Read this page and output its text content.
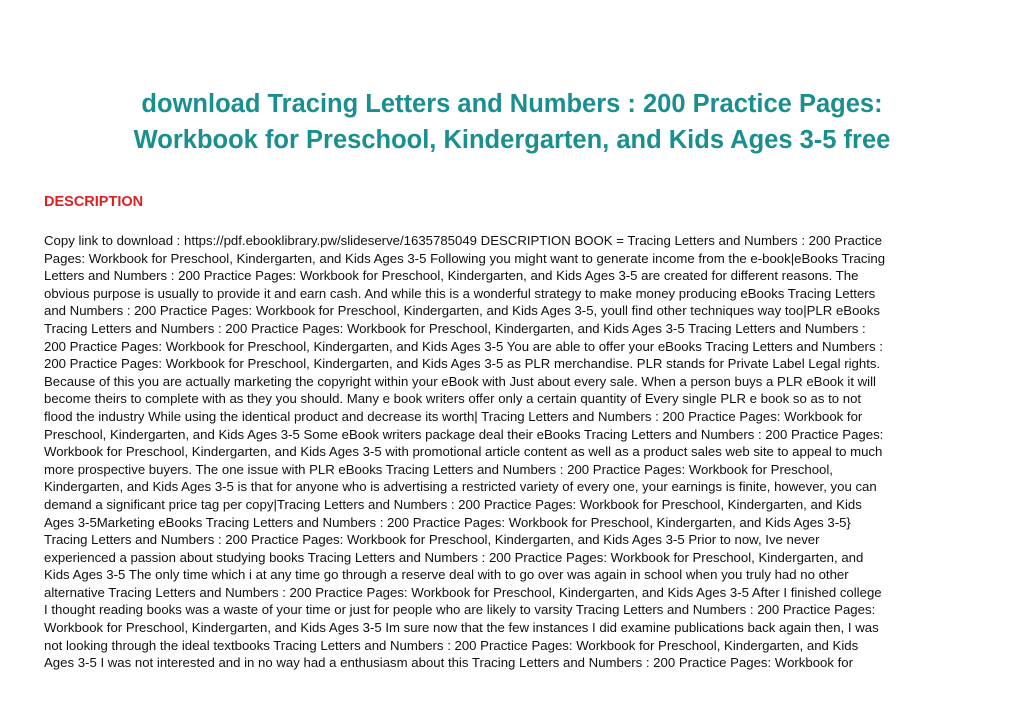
download Tracing Letters and Numbers : 200 Practice Pages:
Workbook for Preschool, Kindergarten, and Kids Ages 3-5 free
DESCRIPTION
Copy link to download : https://pdf.ebooklibrary.pw/slideserve/1635785049 DESCRIPTION BOOK = Tracing Letters and Numbers : 200 Practice
Pages: Workbook for Preschool, Kindergarten, and Kids Ages 3-5 Following you might want to generate income from the e-book|eBooks Tracing
Letters and Numbers : 200 Practice Pages: Workbook for Preschool, Kindergarten, and Kids Ages 3-5 are created for different reasons. The
obvious purpose is usually to provide it and earn cash. And while this is a wonderful strategy to make money producing eBooks Tracing Letters
and Numbers : 200 Practice Pages: Workbook for Preschool, Kindergarten, and Kids Ages 3-5, youll find other techniques way too|PLR eBooks
Tracing Letters and Numbers : 200 Practice Pages: Workbook for Preschool, Kindergarten, and Kids Ages 3-5 Tracing Letters and Numbers :
200 Practice Pages: Workbook for Preschool, Kindergarten, and Kids Ages 3-5 You are able to offer your eBooks Tracing Letters and Numbers :
200 Practice Pages: Workbook for Preschool, Kindergarten, and Kids Ages 3-5 as PLR merchandise. PLR stands for Private Label Legal rights.
Because of this you are actually marketing the copyright within your eBook with Just about every sale. When a person buys a PLR eBook it will
become theirs to complete with as they you should. Many e book writers offer only a certain quantity of Every single PLR e book so as to not
flood the industry While using the identical product and decrease its worth| Tracing Letters and Numbers : 200 Practice Pages: Workbook for
Preschool, Kindergarten, and Kids Ages 3-5 Some eBook writers package deal their eBooks Tracing Letters and Numbers : 200 Practice Pages:
Workbook for Preschool, Kindergarten, and Kids Ages 3-5 with promotional article content as well as a product sales web site to appeal to much
more prospective buyers. The one issue with PLR eBooks Tracing Letters and Numbers : 200 Practice Pages: Workbook for Preschool,
Kindergarten, and Kids Ages 3-5 is that for anyone who is advertising a restricted variety of every one, your earnings is finite, however, you can
demand a significant price tag per copy|Tracing Letters and Numbers : 200 Practice Pages: Workbook for Preschool, Kindergarten, and Kids
Ages 3-5Marketing eBooks Tracing Letters and Numbers : 200 Practice Pages: Workbook for Preschool, Kindergarten, and Kids Ages 3-5}
Tracing Letters and Numbers : 200 Practice Pages: Workbook for Preschool, Kindergarten, and Kids Ages 3-5 Prior to now, Ive never
experienced a passion about studying books Tracing Letters and Numbers : 200 Practice Pages: Workbook for Preschool, Kindergarten, and
Kids Ages 3-5 The only time which i at any time go through a reserve deal with to go over was again in school when you truly had no other
alternative Tracing Letters and Numbers : 200 Practice Pages: Workbook for Preschool, Kindergarten, and Kids Ages 3-5 After I finished college
I thought reading books was a waste of your time or just for people who are likely to varsity Tracing Letters and Numbers : 200 Practice Pages:
Workbook for Preschool, Kindergarten, and Kids Ages 3-5 Im sure now that the few instances I did examine publications back again then, I was
not looking through the ideal textbooks Tracing Letters and Numbers : 200 Practice Pages: Workbook for Preschool, Kindergarten, and Kids
Ages 3-5 I was not interested and in no way had a enthusiasm about this Tracing Letters and Numbers : 200 Practice Pages: Workbook for
